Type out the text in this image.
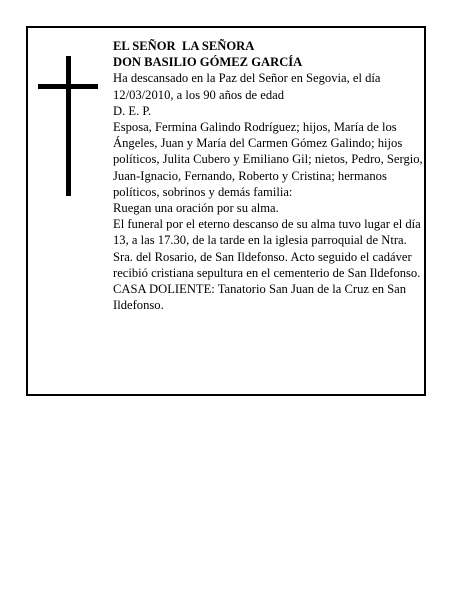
EL SEÑOR  LA SEÑORA

DON BASILIO GÓMEZ GARCÍA

Ha descansado en la Paz del Señor en Segovia, el día 12/03/2010, a los 90 años de edad

D. E. P.

Esposa, Fermina Galindo Rodríguez; hijos, María de los Ángeles, Juan y María del Carmen Gómez Galindo; hijos políticos, Julita Cubero y Emiliano Gil; nietos, Pedro, Sergio, Juan-Ignacio, Fernando, Roberto y Cristina; hermanos políticos, sobrinos y demás familia:

Ruegan una oración por su alma.

El funeral por el eterno descanso de su alma tuvo lugar el día 13, a las 17.30, de la tarde en la iglesia parroquial de Ntra. Sra. del Rosario, de San Ildefonso. Acto seguido el cadáver recibió cristiana sepultura en el cementerio de San Ildefonso.

CASA DOLIENTE: Tanatorio San Juan de la Cruz en San Ildefonso.
